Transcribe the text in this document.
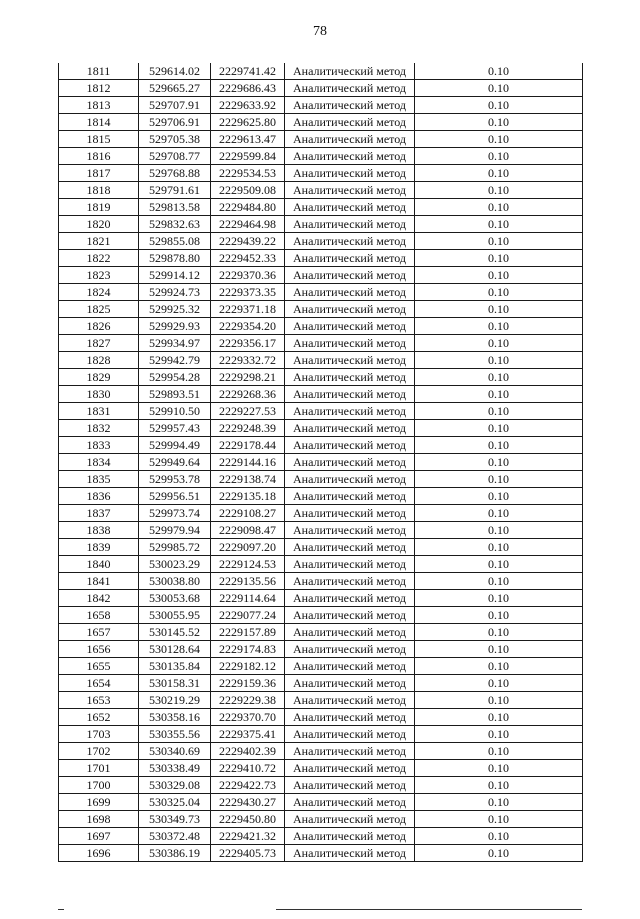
78
1811	529614.02	2229741.42	Аналитический метод	0.10
1812	529665.27	2229686.43	Аналитический метод	0.10
1813	529707.91	2229633.92	Аналитический метод	0.10
1814	529706.91	2229625.80	Аналитический метод	0.10
1815	529705.38	2229613.47	Аналитический метод	0.10
1816	529708.77	2229599.84	Аналитический метод	0.10
1817	529768.88	2229534.53	Аналитический метод	0.10
1818	529791.61	2229509.08	Аналитический метод	0.10
1819	529813.58	2229484.80	Аналитический метод	0.10
1820	529832.63	2229464.98	Аналитический метод	0.10
1821	529855.08	2229439.22	Аналитический метод	0.10
1822	529878.80	2229452.33	Аналитический метод	0.10
1823	529914.12	2229370.36	Аналитический метод	0.10
1824	529924.73	2229373.35	Аналитический метод	0.10
1825	529925.32	2229371.18	Аналитический метод	0.10
1826	529929.93	2229354.20	Аналитический метод	0.10
1827	529934.97	2229356.17	Аналитический метод	0.10
1828	529942.79	2229332.72	Аналитический метод	0.10
1829	529954.28	2229298.21	Аналитический метод	0.10
1830	529893.51	2229268.36	Аналитический метод	0.10
1831	529910.50	2229227.53	Аналитический метод	0.10
1832	529957.43	2229248.39	Аналитический метод	0.10
1833	529994.49	2229178.44	Аналитический метод	0.10
1834	529949.64	2229144.16	Аналитический метод	0.10
1835	529953.78	2229138.74	Аналитический метод	0.10
1836	529956.51	2229135.18	Аналитический метод	0.10
1837	529973.74	2229108.27	Аналитический метод	0.10
1838	529979.94	2229098.47	Аналитический метод	0.10
1839	529985.72	2229097.20	Аналитический метод	0.10
1840	530023.29	2229124.53	Аналитический метод	0.10
1841	530038.80	2229135.56	Аналитический метод	0.10
1842	530053.68	2229114.64	Аналитический метод	0.10
1658	530055.95	2229077.24	Аналитический метод	0.10
1657	530145.52	2229157.89	Аналитический метод	0.10
1656	530128.64	2229174.83	Аналитический метод	0.10
1655	530135.84	2229182.12	Аналитический метод	0.10
1654	530158.31	2229159.36	Аналитический метод	0.10
1653	530219.29	2229229.38	Аналитический метод	0.10
1652	530358.16	2229370.70	Аналитический метод	0.10
1703	530355.56	2229375.41	Аналитический метод	0.10
1702	530340.69	2229402.39	Аналитический метод	0.10
1701	530338.49	2229410.72	Аналитический метод	0.10
1700	530329.08	2229422.73	Аналитический метод	0.10
1699	530325.04	2229430.27	Аналитический метод	0.10
1698	530349.73	2229450.80	Аналитический метод	0.10
1697	530372.48	2229421.32	Аналитический метод	0.10
1696	530386.19	2229405.73	Аналитический метод	0.10
